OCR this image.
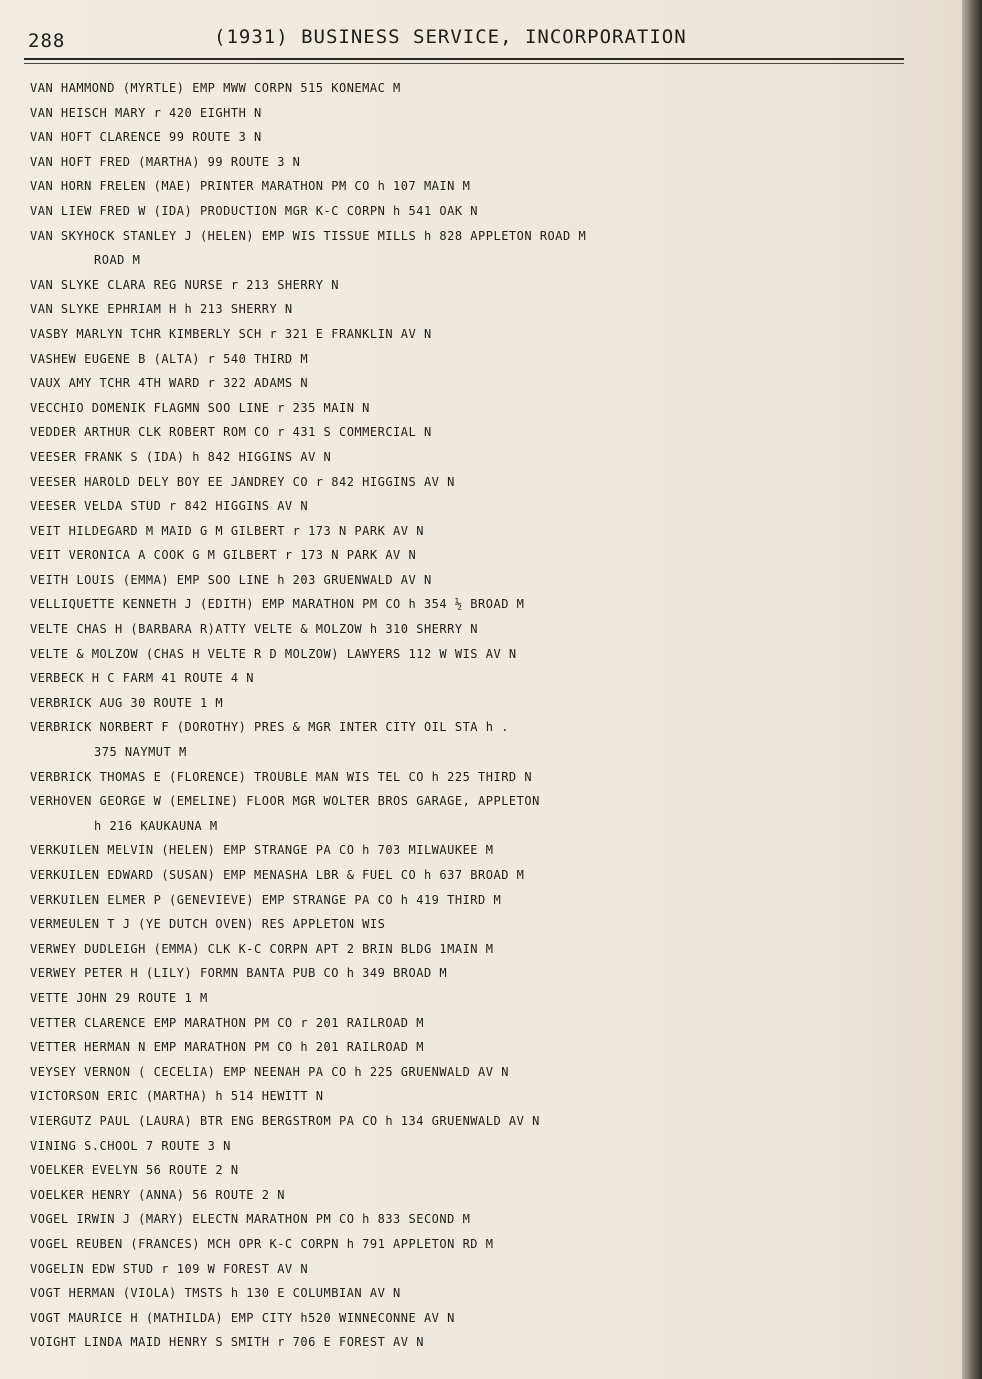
288	(1931) BUSINESS SERVICE, INCORPORATION
VAN HAMMOND (MYRTLE) EMP MWW CORPN 515 KONEMAC M
VAN HEISCH MARY r 420 EIGHTH N
VAN HOFT CLARENCE 99 ROUTE 3 N
VAN HOFT FRED (MARTHA) 99 ROUTE 3 N
VAN HORN FRELEN (MAE) PRINTER MARATHON PM CO h 107 MAIN M
VAN LIEW FRED W (IDA) PRODUCTION MGR K-C CORPN h 541 OAK N
VAN SKYHOCK STANLEY J (HELEN) EMP WIS TISSUE MILLS h 828 APPLETON ROAD M
ROAD M
VAN SLYKE CLARA REG NURSE r 213 SHERRY N
VAN SLYKE EPHRIAM H h 213 SHERRY N
VASBY MARLYN TCHR KIMBERLY SCH r 321 E FRANKLIN AV N
VASHEW EUGENE B (ALTA) r 540 THIRD M
VAUX AMY TCHR 4TH WARD r 322 ADAMS N
VECCHIO DOMENIK FLAGMN SOO LINE r 235 MAIN N
VEDDER ARTHUR CLK ROBERT ROM CO r 431 S COMMERCIAL N
VEESER FRANK S (IDA) h 842 HIGGINS AV N
VEESER HAROLD DELY BOY EE JANDREY CO r 842 HIGGINS AV N
VEESER VELDA STUD r 842 HIGGINS AV N
VEIT HILDEGARD M MAID G M GILBERT r 173 N PARK AV N
VEIT VERONICA A COOK G M GILBERT r 173 N PARK AV N
VEITH LOUIS (EMMA) EMP SOO LINE h 203 GRUENWALD AV N
VELLIQUETTE KENNETH J (EDITH) EMP MARATHON PM CO h 354 ½ BROAD M
VELTE CHAS H (BARBARA R)ATTY VELTE & MOLZOW h 310 SHERRY N
VELTE & MOLZOW (CHAS H VELTE R D MOLZOW) LAWYERS 112 W WIS AV N
VERBECK H C FARM 41 ROUTE 4 N
VERBRICK AUG 30 ROUTE 1 M
VERBRICK NORBERT F (DOROTHY) PRES & MGR INTER CITY OIL STA h .
375 NAYMUT M
VERBRICK THOMAS E (FLORENCE) TROUBLE MAN WIS TEL CO h 225 THIRD N
VERHOVEN GEORGE W (EMELINE) FLOOR MGR WOLTER BROS GARAGE, APPLETON
h 216 KAUKAUNA M
VERKUILEN MELVIN (HELEN) EMP STRANGE PA CO h 703 MILWAUKEE M
VERKUILEN EDWARD (SUSAN) EMP MENASHA LBR & FUEL CO h 637 BROAD M
VERKUILEN ELMER P (GENEVIEVE) EMP STRANGE PA CO h 419 THIRD M
VERMEULEN T J (YE DUTCH OVEN) RES APPLETON WIS
VERWEY DUDLEIGH (EMMA) CLK K-C CORPN APT 2 BRIN BLDG 1MAIN M
VERWEY PETER H (LILY) FORMN BANTA PUB CO h 349 BROAD M
VETTE JOHN 29 ROUTE 1 M
VETTER CLARENCE EMP MARATHON PM CO r 201 RAILROAD M
VETTER HERMAN N EMP MARATHON PM CO h 201 RAILROAD M
VEYSEY VERNON ( CECELIA) EMP NEENAH PA CO h 225 GRUENWALD AV N
VICTORSON ERIC (MARTHA) h 514 HEWITT N
VIERGUTZ PAUL (LAURA) BTR ENG BERGSTROM PA CO h 134 GRUENWALD AV N
VINING S.CHOOL 7 ROUTE 3 N
VOELKER EVELYN 56 ROUTE 2 N
VOELKER HENRY (ANNA) 56 ROUTE 2 N
VOGEL IRWIN J (MARY) ELECTN MARATHON PM CO h 833 SECOND M
VOGEL REUBEN (FRANCES) MCH OPR K-C CORPN h 791 APPLETON RD M
VOGELIN EDW STUD r 109 W FOREST AV N
VOGT HERMAN (VIOLA) TMSTS h 130 E COLUMBIAN AV N
VOGT MAURICE H (MATHILDA) EMP CITY h520 WINNECONNE AV N
VOIGHT LINDA MAID HENRY S SMITH r 706 E FOREST AV N
